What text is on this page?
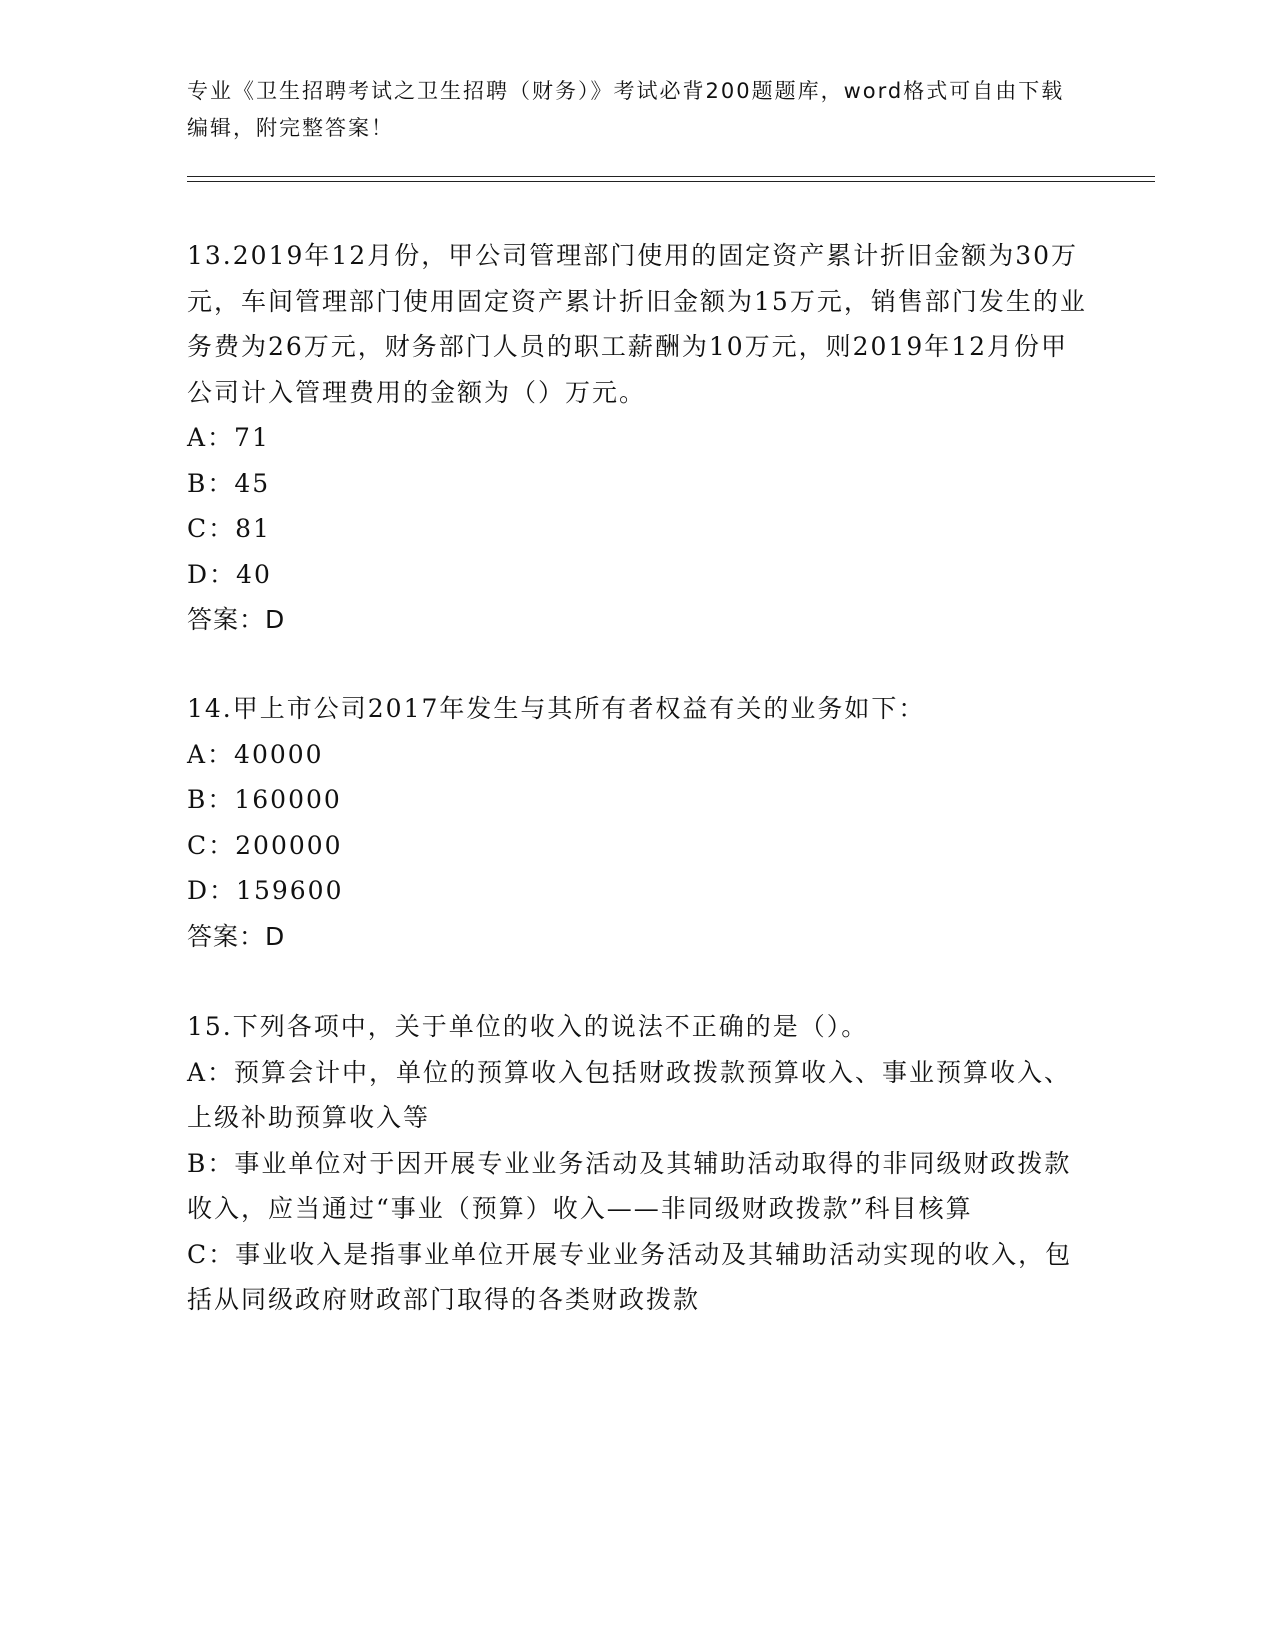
专业《卫生招聘考试之卫生招聘（财务）》考试必背200题题库，word格式可自由下载编辑，附完整答案！

13.2019年12月份，甲公司管理部门使用的固定资产累计折旧金额为30万元，车间管理部门使用固定资产累计折旧金额为15万元，销售部门发生的业务费为26万元，财务部门人员的职工薪酬为10万元，则2019年12月份甲公司计入管理费用的金额为（）万元。

A：71

B：45

C：81

D：40

答案：D

14.甲上市公司2017年发生与其所有者权益有关的业务如下：

A：40000

B：160000

C：200000

D：159600

答案：D

15.下列各项中，关于单位的收入的说法不正确的是（）。

A：预算会计中，单位的预算收入包括财政拨款预算收入、事业预算收入、上级补助预算收入等

B：事业单位对于因开展专业业务活动及其辅助活动取得的非同级财政拨款收入，应当通过“事业（预算）收入——非同级财政拨款”科目核算

C：事业收入是指事业单位开展专业业务活动及其辅助活动实现的收入，包括从同级政府财政部门取得的各类财政拨款
